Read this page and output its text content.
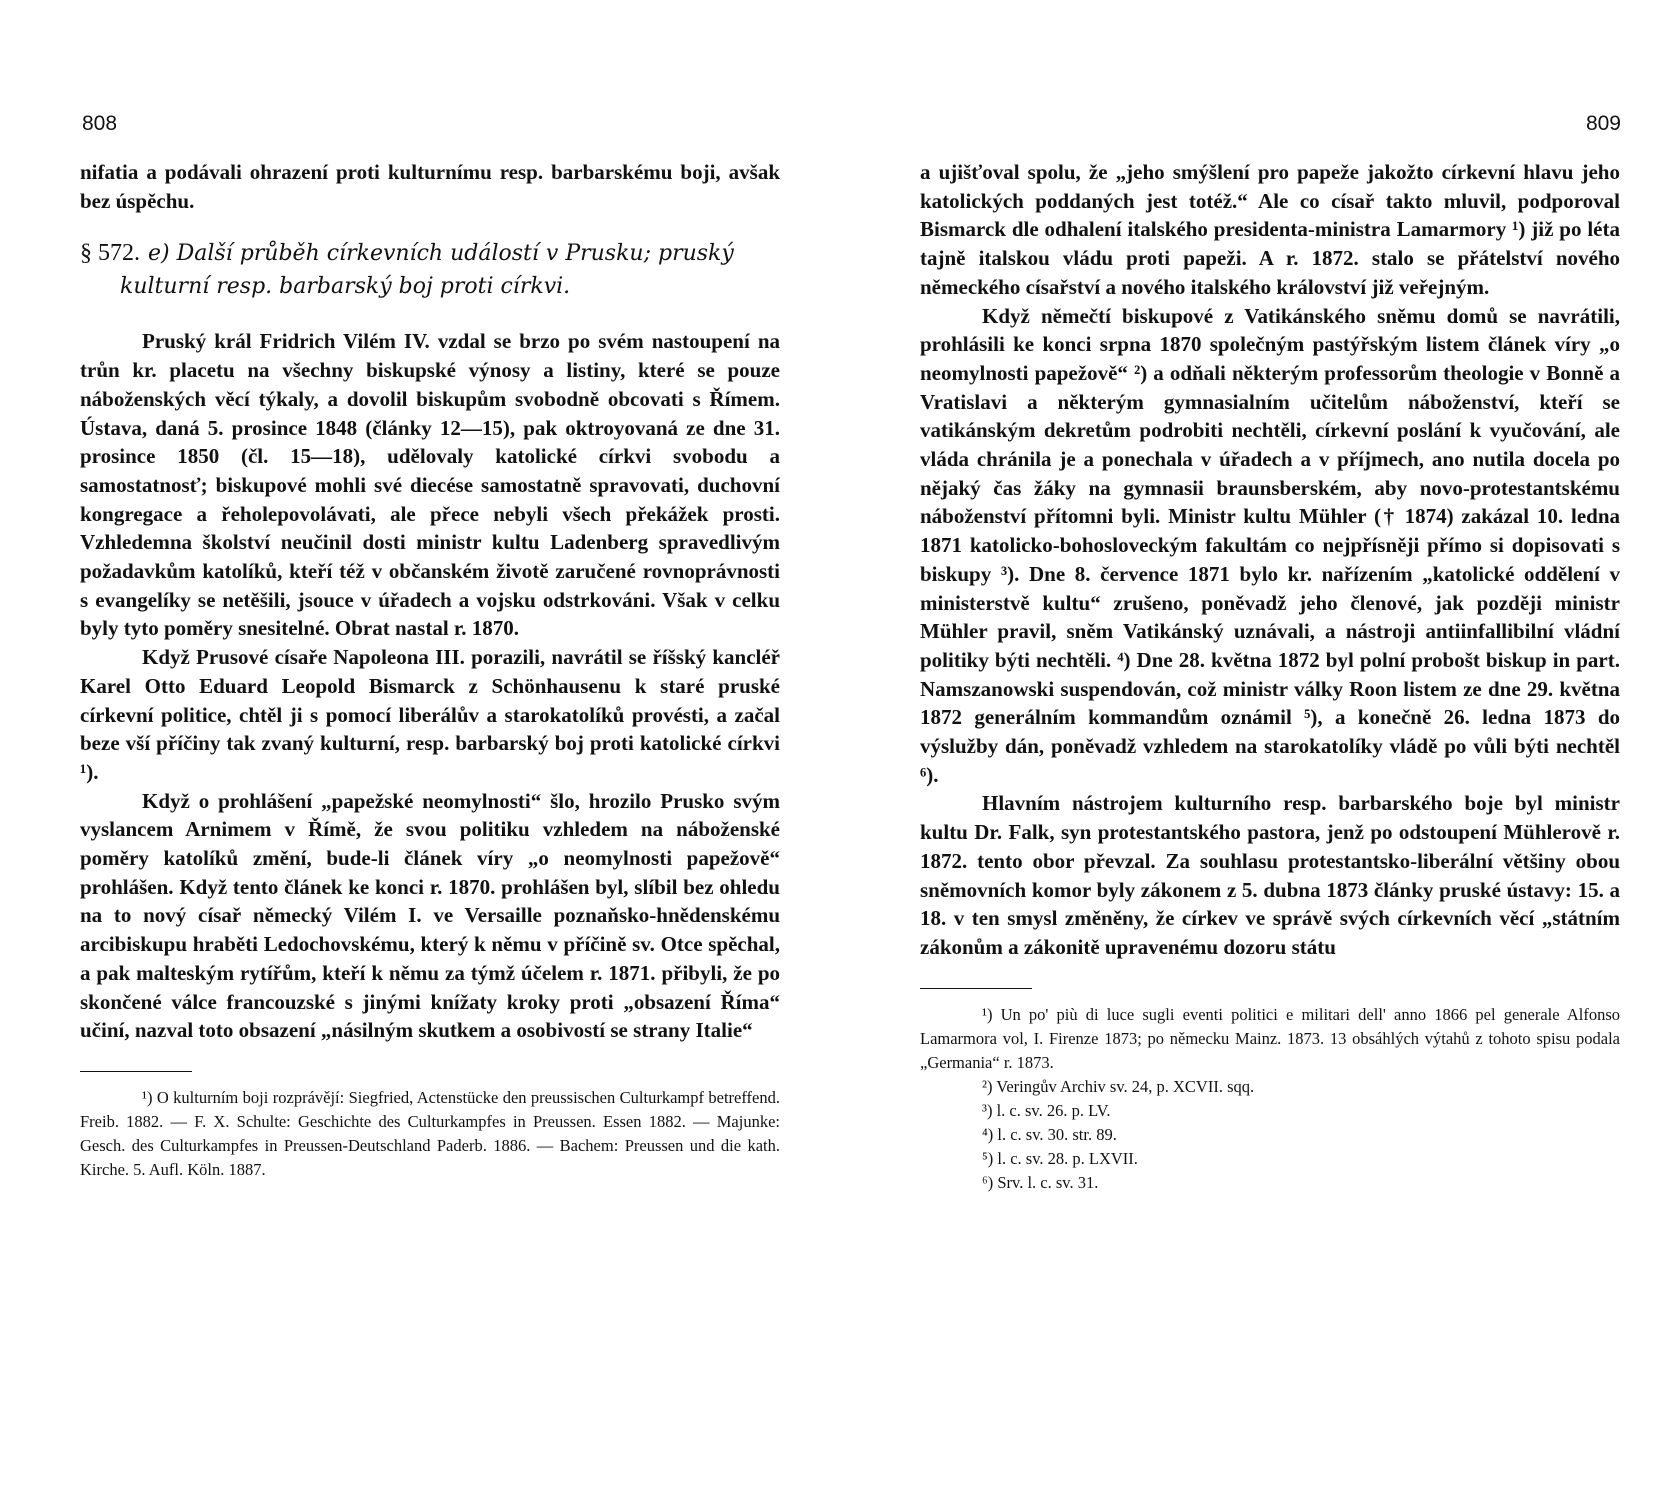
808

nifatia a podávali ohrazení proti kulturnímu resp. barbarskému boji, avšak bez úspěchu.

§ 572. e) Další průběh církevních událostí v Prusku; pruský kulturní resp. barbarský boj proti církvi.

Pruský král Fridrich Vilém IV. vzdal se brzo po svém nastoupení na trůn kr. placetu na všechny biskupské výnosy a listiny, které se pouze náboženských věcí týkaly, a dovolil biskupům svobodně obcovati s Římem. Ústava, daná 5. prosince 1848 (články 12—15), pak oktroyovaná ze dne 31. prosince 1850 (čl. 15—18), udělovaly katolické církvi svobodu a samostatnosť; biskupové mohli své diecése samostatně spravovati, duchovní kongregace a řeholepovolávati, ale přece nebyli všech překážek prosti. Vzhledemna školství neučinil dosti ministr kultu Ladenberg spravedlivým požadavkům katolíků, kteří též v občanském životě zaručené rovnoprávnosti s evangelíky se netěšili, jsouce v úřadech a vojsku odstrkováni. Však v celku byly tyto poměry snesitelné. Obrat nastal r. 1870.

Když Prusové císaře Napoleona III. porazili, navrátil se říšský kancléř Karel Otto Eduard Leopold Bismarck z Schönhausenu k staré pruské církevní politice, chtěl ji s pomocí liberálův a starokatolíků provésti, a začal beze vší příčiny tak zvaný kulturní, resp. barbarský boj proti katolické církvi ¹).

Když o prohlášení „papežské neomylnosti“ šlo, hrozilo Prusko svým vyslancem Arnimem v Římě, že svou politiku vzhledem na náboženské poměry katolíků změní, bude-li článek víry „o neomylnosti papežově“ prohlášen. Když tento článek ke konci r. 1870. prohlášen byl, slíbil bez ohledu na to nový císař německý Vilém I. ve Versaille poznaňsko-hnědenskému arcibiskupu hraběti Ledochovskému, který k němu v příčině sv. Otce spěchal, a pak malteským rytířům, kteří k němu za týmž účelem r. 1871. přibyli, že po skončené válce francouzské s jinými knížaty kroky proti „obsazení Říma“ učiní, nazval toto obsazení „násilným skutkem a osobivostí se strany Italie“

¹) O kulturním boji rozprávějí: Siegfried, Actenstücke den preussischen Culturkampf betreffend. Freib. 1882. — F. X. Schulte: Geschichte des Culturkampfes in Preussen. Essen 1882. — Majunke: Gesch. des Culturkampfes in Preussen-Deutschland Paderb. 1886. — Bachem: Preussen und die kath. Kirche. 5. Aufl. Köln. 1887.

809

a ujišťoval spolu, že „jeho smýšlení pro papeže jakožto církevní hlavu jeho katolických poddaných jest totéž.“ Ale co císař takto mluvil, podporoval Bismarck dle odhalení italského presidenta-ministra Lamarmory ¹) již po léta tajně italskou vládu proti papeži. A r. 1872. stalo se přátelství nového německého císařství a nového italského království již veřejným.

Když němečtí biskupové z Vatikánského sněmu domů se navrátili, prohlásili ke konci srpna 1870 společným pastýřským listem článek víry „o neomylnosti papežově“ ²) a odňali některým professorům theologie v Bonně a Vratislavi a některým gymnasialním učitelům náboženství, kteří se vatikánským dekretům podrobiti nechtěli, církevní poslání k vyučování, ale vláda chránila je a ponechala v úřadech a v příjmech, ano nutila docela po nějaký čas žáky na gymnasii braunsberském, aby novo-protestantskému náboženství přítomni byli. Ministr kultu Mühler († 1874) zakázal 10. ledna 1871 katolicko-bohosloveckým fakultám co nejpřísněji přímo si dopisovati s biskupy ³). Dne 8. července 1871 bylo kr. nařízením „katolické oddělení v ministerstvě kultu“ zrušeno, poněvadž jeho členové, jak později ministr Mühler pravil, sněm Vatikánský uznávali, a nástroji antiinfallibilní vládní politiky býti nechtěli. ⁴) Dne 28. května 1872 byl polní probošt biskup in part. Namszanowski suspendován, což ministr války Roon listem ze dne 29. května 1872 generálním kommandům oznámil ⁵), a konečně 26. ledna 1873 do výslužby dán, poněvadž vzhledem na starokatolíky vládě po vůli býti nechtěl ⁶).

Hlavním nástrojem kulturního resp. barbarského boje byl ministr kultu Dr. Falk, syn protestantského pastora, jenž po odstoupení Mühlerově r. 1872. tento obor převzal. Za souhlasu protestantsko-liberální většiny obou sněmovních komor byly zákonem z 5. dubna 1873 články pruské ústavy: 15. a 18. v ten smysl změněny, že církev ve správě svých církevních věcí „státním zákonům a zákonitě upravenému dozoru státu

¹) Un po' più di luce sugli eventi politici e militari dell' anno 1866 pel generale Alfonso Lamarmora vol, I. Firenze 1873; po německu Mainz. 1873. 13 obsáhlých výtahů z tohoto spisu podala „Germania“ r. 1873.

²) Veringův Archiv sv. 24, p. XCVII. sqq.

³) l. c. sv. 26. p. LV.

⁴) l. c. sv. 30. str. 89.

⁵) l. c. sv. 28. p. LXVII.

⁶) Srv. l. c. sv. 31.
